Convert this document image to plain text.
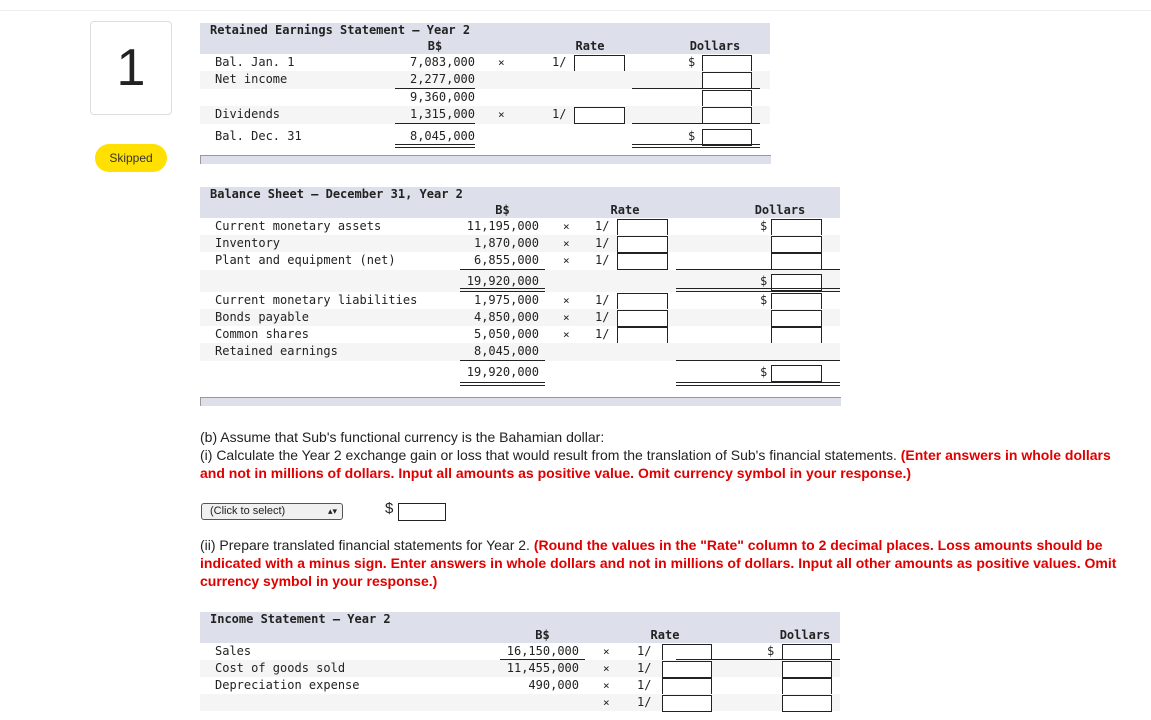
1
Skipped
Retained Earnings Statement – Year 2
B$	Rate	Dollars
Bal. Jan. 1	7,083,000 ×	1/	$
Net income	2,277,000
9,360,000
Dividends	1,315,000 ×	1/
Bal. Dec. 31	8,045,000	$
Balance Sheet – December 31, Year 2
B$	Rate	Dollars
Current monetary assets	11,195,000 × 1/	$
Inventory	1,870,000 × 1/
Plant and equipment (net)	6,855,000 × 1/
19,920,000	$
Current monetary liabilities	1,975,000 × 1/	$
Bonds payable	4,850,000 × 1/
Common shares	5,050,000 × 1/
Retained earnings	8,045,000
19,920,000	$
(b) Assume that Sub's functional currency is the Bahamian dollar:
(i) Calculate the Year 2 exchange gain or loss that would result from the translation of Sub's financial statements. (Enter answers in whole dollars and not in millions of dollars. Input all amounts as positive value. Omit currency symbol in your response.)
(Click to select)	▴▾	$
(ii) Prepare translated financial statements for Year 2. (Round the values in the "Rate" column to 2 decimal places. Loss amounts should be indicated with a minus sign. Enter answers in whole dollars and not in millions of dollars. Input all other amounts as positive values. Omit currency symbol in your response.)
Income Statement – Year 2
B$	Rate	Dollars
Sales	16,150,000 × 1/	$
Cost of goods sold	11,455,000 × 1/
Depreciation expense	490,000 × 1/
× 1/
